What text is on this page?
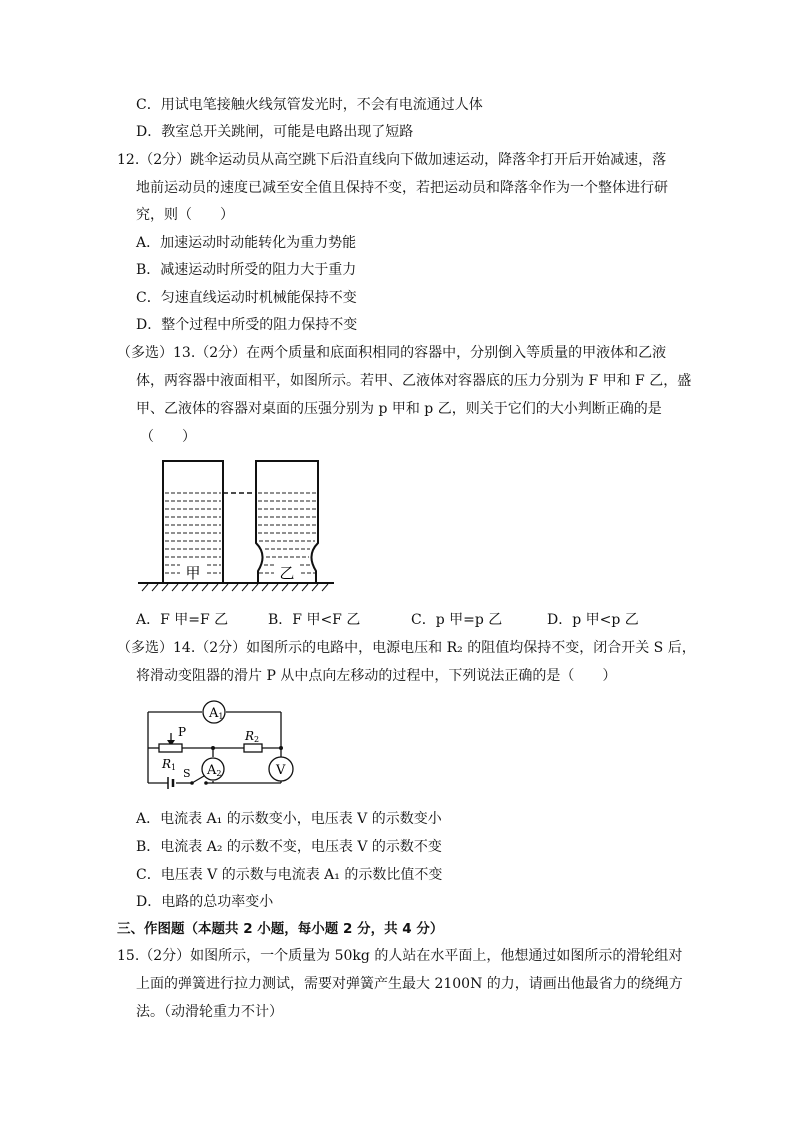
C．用试电笔接触火线氖管发光时，不会有电流通过人体
D．教室总开关跳闸，可能是电路出现了短路
12.（2分）跳伞运动员从高空跳下后沿直线向下做加速运动，降落伞打开后开始减速，落
地前运动员的速度已减至安全值且保持不变，若把运动员和降落伞作为一个整体进行研
究，则（　　）
A．加速运动时动能转化为重力势能
B．减速运动时所受的阻力大于重力
C．匀速直线运动时机械能保持不变
D．整个过程中所受的阻力保持不变
（多选）13.（2分）在两个质量和底面积相同的容器中，分别倒入等质量的甲液体和乙液
体，两容器中液面相平，如图所示。若甲、乙液体对容器底的压力分别为 F 甲和 F 乙，盛
甲、乙液体的容器对桌面的压强分别为 p 甲和 p 乙，则关于它们的大小判断正确的是
（　　）
甲	乙
A．F 甲=F 乙	B．F 甲<F 乙	C．p 甲=p 乙	D．p 甲<p 乙
（多选）14.（2分）如图所示的电路中，电源电压和 R₂ 的阻值均保持不变，闭合开关 S 后，
将滑动变阻器的滑片 P 从中点向左移动的过程中，下列说法正确的是（　　）
A1
A2	V
P
R1
R2
S
A．电流表 A₁ 的示数变小，电压表 V 的示数变小
B．电流表 A₂ 的示数不变，电压表 V 的示数不变
C．电压表 V 的示数与电流表 A₁ 的示数比值不变
D．电路的总功率变小
三、作图题（本题共 2 小题，每小题 2 分，共 4 分）
15.（2分）如图所示，一个质量为 50kg 的人站在水平面上，他想通过如图所示的滑轮组对
上面的弹簧进行拉力测试，需要对弹簧产生最大 2100N 的力，请画出他最省力的绕绳方
法。（动滑轮重力不计）
